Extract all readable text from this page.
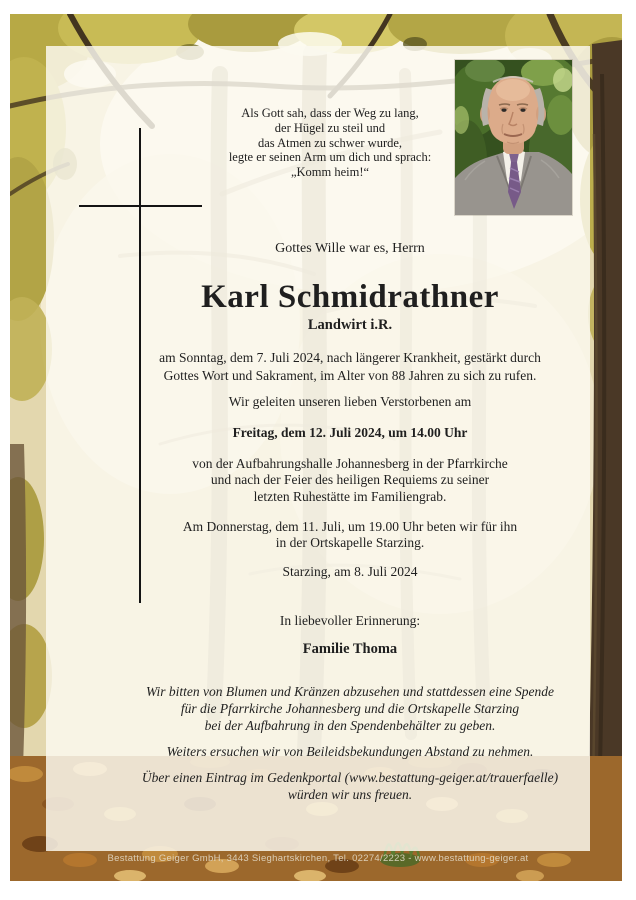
Als Gott sah, dass der Weg zu lang,
der Hügel zu steil und
das Atmen zu schwer wurde,
legte er seinen Arm um dich und sprach:
„Komm heim!“
Gottes Wille war es, Herrn
Karl Schmidrathner
Landwirt i.R.
am Sonntag, dem 7. Juli 2024, nach längerer Krankheit, gestärkt durch
Gottes Wort und Sakrament, im Alter von 88 Jahren zu sich zu rufen.
Wir geleiten unseren lieben Verstorbenen am
Freitag, dem 12. Juli 2024, um 14.00 Uhr
von der Aufbahrungshalle Johannesberg in der Pfarrkirche
und nach der Feier des heiligen Requiems zu seiner
letzten Ruhestätte im Familiengrab.
Am Donnerstag, dem 11. Juli, um 19.00 Uhr beten wir für ihn
in der Ortskapelle Starzing.
Starzing, am 8. Juli 2024
In liebevoller Erinnerung:
Familie Thoma
Wir bitten von Blumen und Kränzen abzusehen und stattdessen eine Spende
für die Pfarrkirche Johannesberg und die Ortskapelle Starzing
bei der Aufbahrung in den Spendenbehälter zu geben.
Weiters ersuchen wir von Beileidsbekundungen Abstand zu nehmen.
Über einen Eintrag im Gedenkportal (www.bestattung-geiger.at/trauerfaelle)
würden wir uns freuen.
Bestattung Geiger GmbH, 3443 Sieghartskirchen, Tel. 02274/2223 - www.bestattung-geiger.at
